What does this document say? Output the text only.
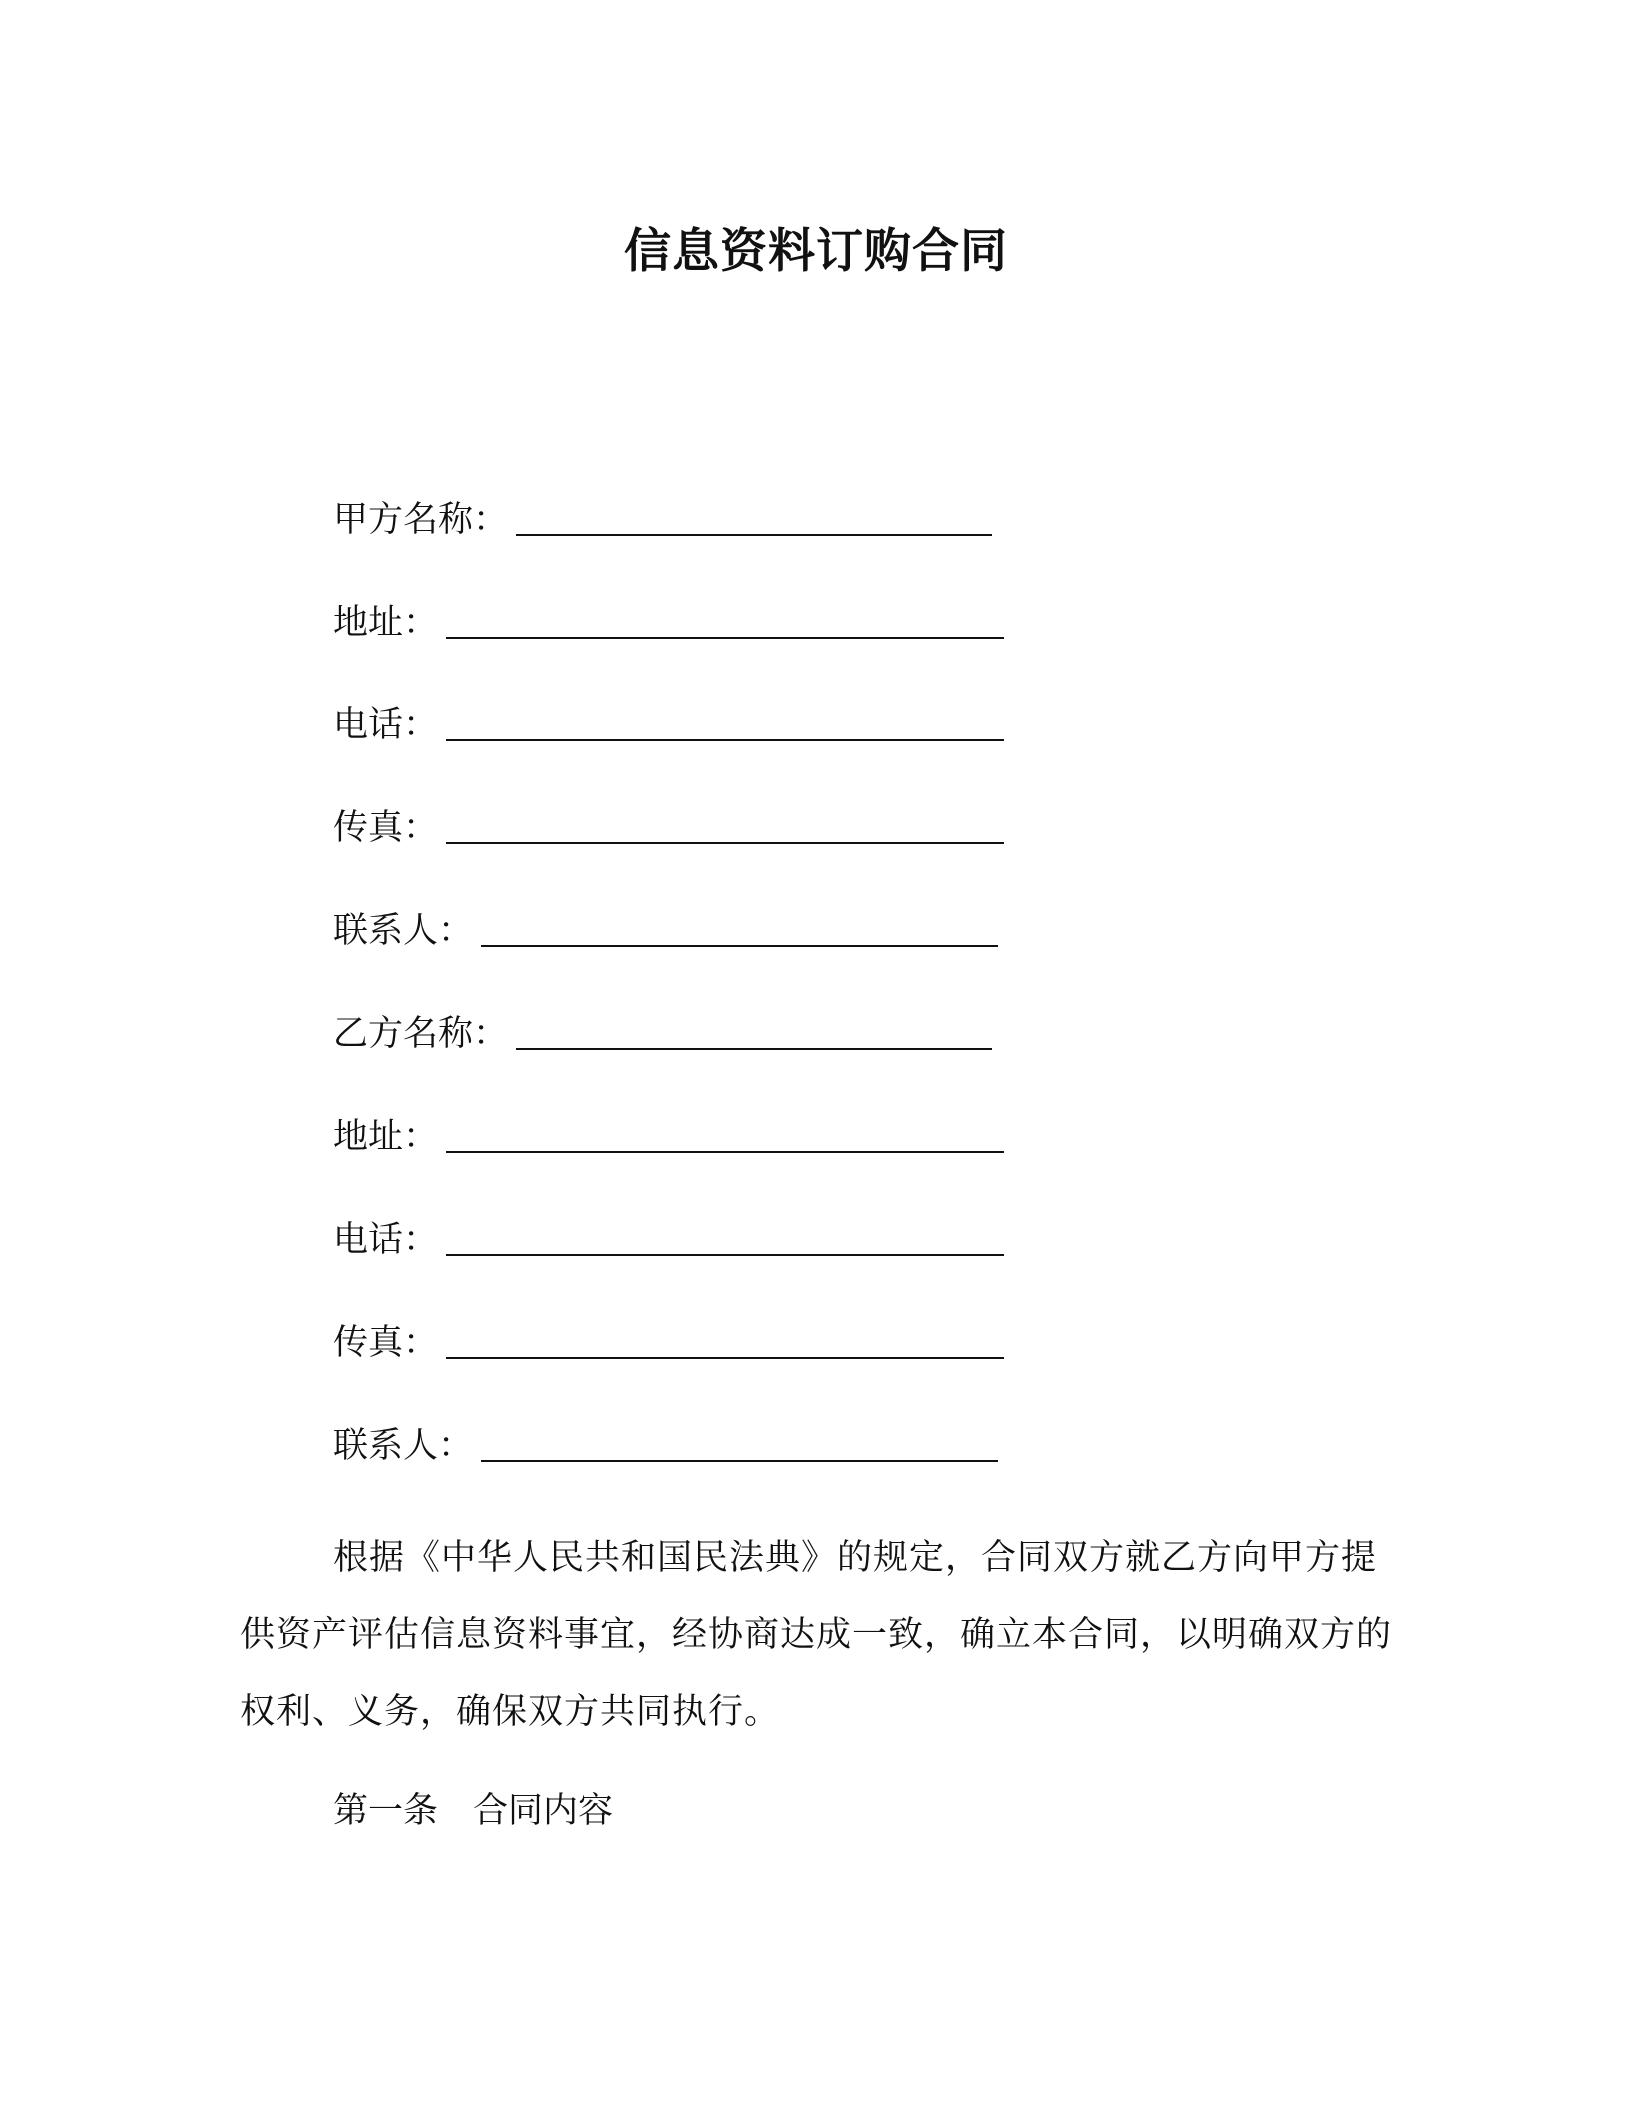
信息资料订购合同
甲方名称：
地址：
电话：
传真：
联系人：
乙方名称：
地址：
电话：
传真：
联系人：
根据《中华人民共和国民法典》的规定，合同双方就乙方向甲方提供资产评估信息资料事宜，经协商达成一致，确立本合同，以明确双方的权利、义务，确保双方共同执行。
第一条　合同内容
